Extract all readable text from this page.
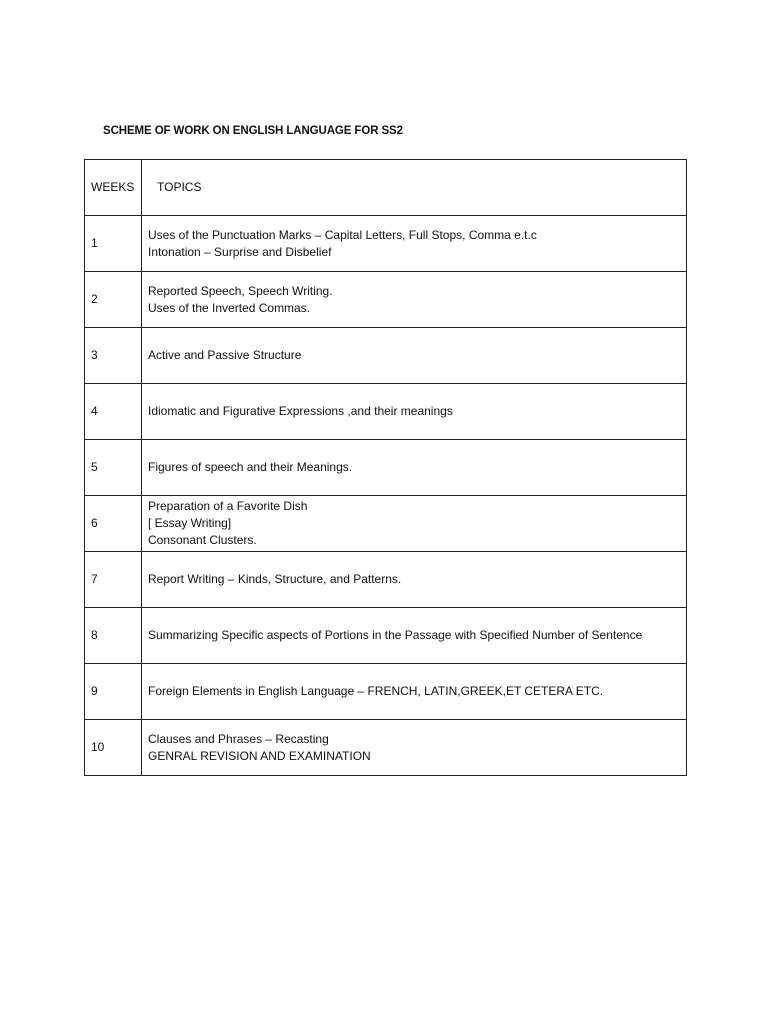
SCHEME OF WORK ON ENGLISH LANGUAGE FOR SS2
WEEKS	TOPICS
1	Uses of the Punctuation Marks – Capital Letters, Full Stops, Comma e.t.c
Intonation – Surprise and Disbelief

2	Reported Speech, Speech Writing.
Uses of the Inverted Commas.

3	Active and Passive Structure

4	Idiomatic and Figurative Expressions ,and their meanings

5	Figures of speech and their Meanings.

6	Preparation of a Favorite Dish
[ Essay Writing]
Consonant Clusters.

7	Report Writing – Kinds, Structure, and Patterns.

8	Summarizing Specific aspects of Portions in the Passage with Specified Number of Sentence

9	Foreign Elements in English Language – FRENCH, LATIN,GREEK,ET CETERA ETC.

10	Clauses and Phrases – Recasting
GENRAL REVISION AND EXAMINATION
